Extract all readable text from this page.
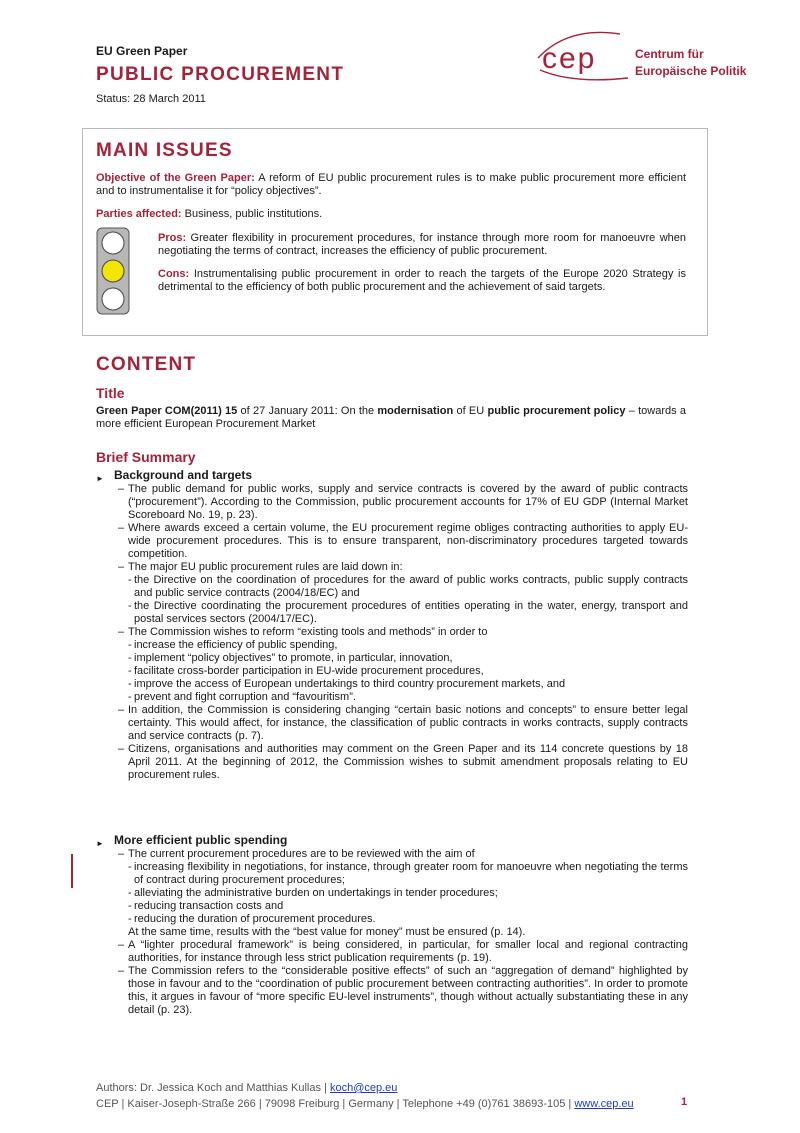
EU Green Paper
PUBLIC PROCUREMENT
Status: 28 March 2011
cep	Centrum für
Europäische Politik
MAIN ISSUES
Objective of the Green Paper: A reform of EU public procurement rules is to make public procurement more efficient and to instrumentalise it for “policy objectives”.
Parties affected: Business, public institutions.
Pros: Greater flexibility in procurement procedures, for instance through more room for manoeuvre when negotiating the terms of contract, increases the efficiency of public procurement.
Cons: Instrumentalising public procurement in order to reach the targets of the Europe 2020 Strategy is detrimental to the efficiency of both public procurement and the achievement of said targets.
CONTENT
Title
Green Paper COM(2011) 15 of 27 January 2011: On the modernisation of EU public procurement policy – towards a more efficient European Procurement Market
Brief Summary
► Background and targets
– The public demand for public works, supply and service contracts is covered by the award of public contracts (“procurement”). According to the Commission, public procurement accounts for 17% of EU GDP (Internal Market Scoreboard No. 19, p. 23).
– Where awards exceed a certain volume, the EU procurement regime obliges contracting authorities to apply EU-wide procurement procedures. This is to ensure transparent, non-discriminatory procedures targeted towards competition.
– The major EU public procurement rules are laid down in:
- the Directive on the coordination of procedures for the award of public works contracts, public supply contracts and public service contracts (2004/18/EC) and
- the Directive coordinating the procurement procedures of entities operating in the water, energy, transport and postal services sectors (2004/17/EC).
– The Commission wishes to reform “existing tools and methods” in order to
- increase the efficiency of public spending,
- implement “policy objectives” to promote, in particular, innovation,
- facilitate cross-border participation in EU-wide procurement procedures,
- improve the access of European undertakings to third country procurement markets, and
- prevent and fight corruption and “favouritism”.
– In addition, the Commission is considering changing “certain basic notions and concepts” to ensure better legal certainty. This would affect, for instance, the classification of public contracts in works contracts, supply contracts and service contracts (p. 7).
– Citizens, organisations and authorities may comment on the Green Paper and its 114 concrete questions by 18 April 2011. At the beginning of 2012, the Commission wishes to submit amendment proposals relating to EU procurement rules.
► More efficient public spending
– The current procurement procedures are to be reviewed with the aim of
- increasing flexibility in negotiations, for instance, through greater room for manoeuvre when negotiating the terms of contract during procurement procedures;
- alleviating the administrative burden on undertakings in tender procedures;
- reducing transaction costs and
- reducing the duration of procurement procedures.
At the same time, results with the “best value for money” must be ensured (p. 14).
– A “lighter procedural framework” is being considered, in particular, for smaller local and regional contracting authorities, for instance through less strict publication requirements (p. 19).
– The Commission refers to the “considerable positive effects” of such an “aggregation of demand” highlighted by those in favour and to the “coordination of public procurement between contracting authorities”. In order to promote this, it argues in favour of “more specific EU-level instruments”, though without actually substantiating these in any detail (p. 23).
Authors: Dr. Jessica Koch and Matthias Kullas | koch@cep.eu
CEP | Kaiser-Joseph-Straße 266 | 79098 Freiburg | Germany | Telephone +49 (0)761 38693-105 | www.cep.eu	1
